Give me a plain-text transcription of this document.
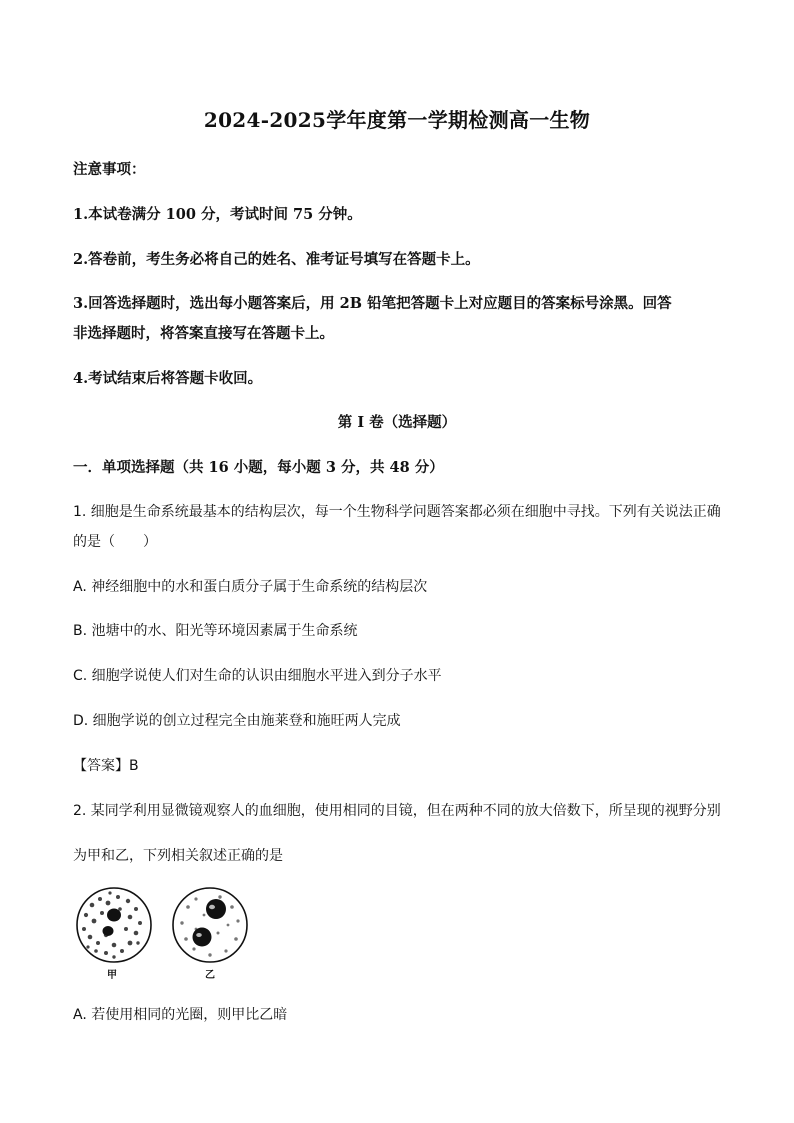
2024-2025学年度第一学期检测高一生物
注意事项：
1.本试卷满分 100 分，考试时间 75 分钟。
2.答卷前，考生务必将自己的姓名、准考证号填写在答题卡上。
3.回答选择题时，选出每小题答案后，用 2B 铅笔把答题卡上对应题目的答案标号涂黑。回答
非选择题时，将答案直接写在答题卡上。
4.考试结束后将答题卡收回。
第 I 卷（选择题）
一．单项选择题（共 16 小题，每小题 3 分，共 48 分）
1. 细胞是生命系统最基本的结构层次，每一个生物科学问题答案都必须在细胞中寻找。下列有关说法正确
的是（　　）
A. 神经细胞中的水和蛋白质分子属于生命系统的结构层次
B. 池塘中的水、阳光等环境因素属于生命系统
C. 细胞学说使人们对生命的认识由细胞水平进入到分子水平
D. 细胞学说的创立过程完全由施莱登和施旺两人完成
【答案】B
2. 某同学利用显微镜观察人的血细胞，使用相同的目镜，但在两种不同的放大倍数下，所呈现的视野分别
为甲和乙，下列相关叙述正确的是
甲	乙
A. 若使用相同的光圈，则甲比乙暗
